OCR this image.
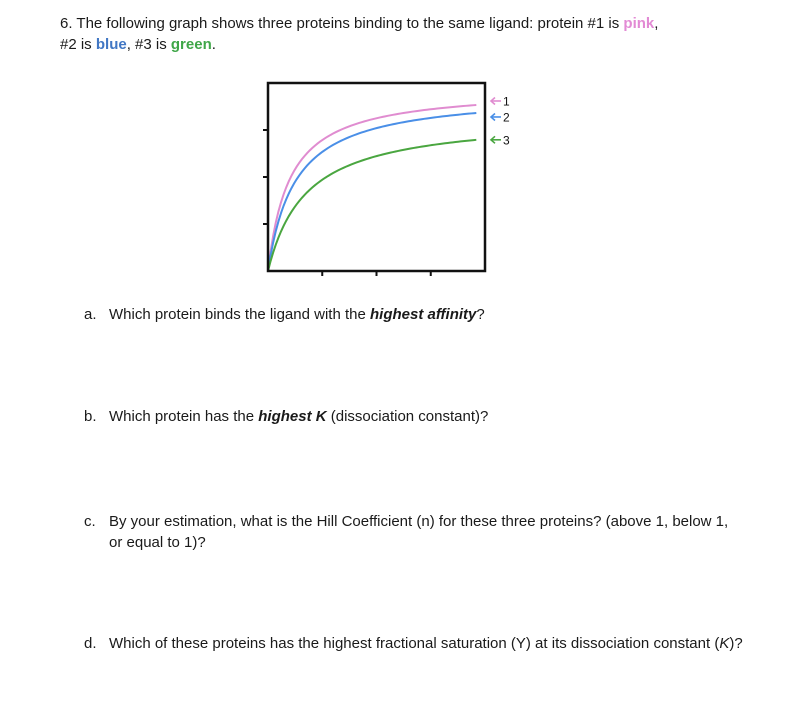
6. The following graph shows three proteins binding to the same ligand: protein #1 is pink,
#2 is blue, #3 is green.
1
2
3
a. Which protein binds the ligand with the highest affinity?
b. Which protein has the highest K (dissociation constant)?
c. By your estimation, what is the Hill Coefficient (n) for these three proteins? (above 1, below 1, or equal to 1)?
d. Which of these proteins has the highest fractional saturation (Y) at its dissociation constant (K)?
